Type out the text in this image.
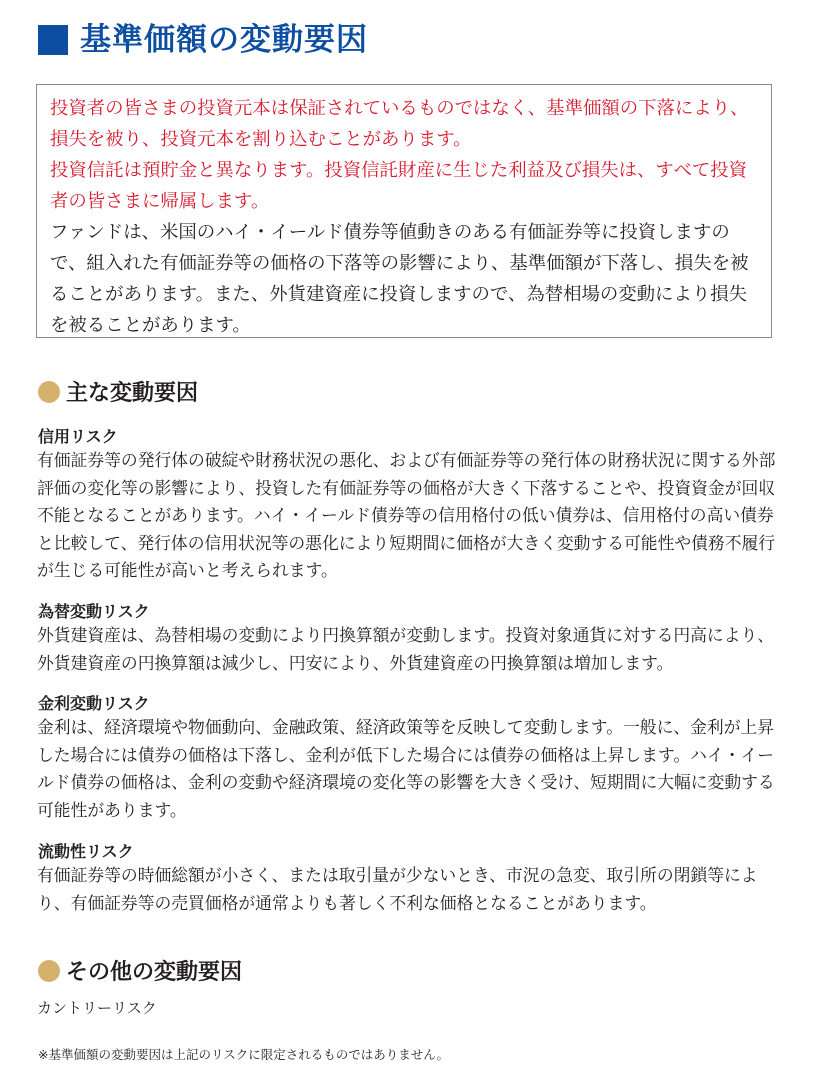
基準価額の変動要因

投資者の皆さまの投資元本は保証されているものではなく、基準価額の下落により、損失を被り、投資元本を割り込むことがあります。

投資信託は預貯金と異なります。投資信託財産に生じた利益及び損失は、すべて投資者の皆さまに帰属します。

ファンドは、米国のハイ・イールド債券等値動きのある有価証券等に投資しますので、組入れた有価証券等の価格の下落等の影響により、基準価額が下落し、損失を被ることがあります。また、外貨建資産に投資しますので、為替相場の変動により損失を被ることがあります。

主な変動要因
信用リスク

有価証券等の発行体の破綻や財務状況の悪化、および有価証券等の発行体の財務状況に関する外部評価の変化等の影響により、投資した有価証券等の価格が大きく下落することや、投資資金が回収不能となることがあります。ハイ・イールド債券等の信用格付の低い債券は、信用格付の高い債券と比較して、発行体の信用状況等の悪化により短期間に価格が大きく変動する可能性や債務不履行が生じる可能性が高いと考えられます。

為替変動リスク

外貨建資産は、為替相場の変動により円換算額が変動します。投資対象通貨に対する円高により、外貨建資産の円換算額は減少し、円安により、外貨建資産の円換算額は増加します。

金利変動リスク

金利は、経済環境や物価動向、金融政策、経済政策等を反映して変動します。一般に、金利が上昇した場合には債券の価格は下落し、金利が低下した場合には債券の価格は上昇します。ハイ・イールド債券の価格は、金利の変動や経済環境の変化等の影響を大きく受け、短期間に大幅に変動する可能性があります。

流動性リスク

有価証券等の時価総額が小さく、または取引量が少ないとき、市況の急変、取引所の閉鎖等により、有価証券等の売買価格が通常よりも著しく不利な価格となることがあります。

その他の変動要因
カントリーリスク
※基準価額の変動要因は上記のリスクに限定されるものではありません。
